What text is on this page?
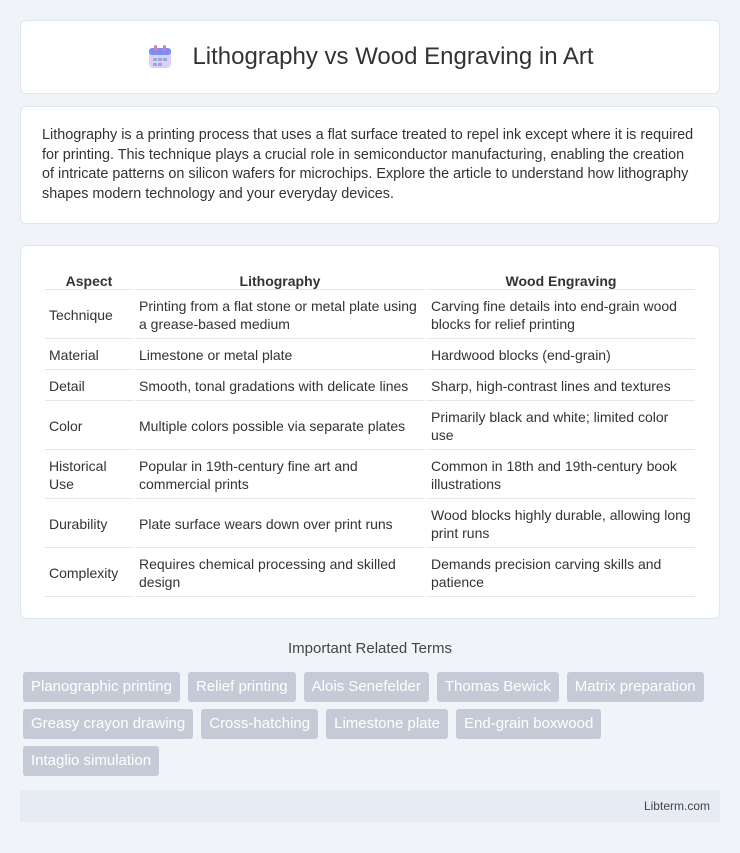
Lithography vs Wood Engraving in Art

Lithography is a printing process that uses a flat surface treated to repel ink except where it is required for printing. This technique plays a crucial role in semiconductor manufacturing, enabling the creation of intricate patterns on silicon wafers for microchips. Explore the article to understand how lithography shapes modern technology and your everyday devices.

Aspect	Lithography	Wood Engraving
Technique	Printing from a flat stone or metal plate using a grease-based medium	Carving fine details into end-grain wood blocks for relief printing
Material	Limestone or metal plate	Hardwood blocks (end-grain)
Detail	Smooth, tonal gradations with delicate lines	Sharp, high-contrast lines and textures
Color	Multiple colors possible via separate plates	Primarily black and white; limited color use
Historical Use	Popular in 19th-century fine art and commercial prints	Common in 18th and 19th-century book illustrations
Durability	Plate surface wears down over print runs	Wood blocks highly durable, allowing long print runs
Complexity	Requires chemical processing and skilled design	Demands precision carving skills and patience
Important Related Terms
Planographic printing	Relief printing	Alois Senefelder	Thomas Bewick	Matrix preparation
Greasy crayon drawing	Cross-hatching	Limestone plate	End-grain boxwood
Intaglio simulation
Libterm.com
